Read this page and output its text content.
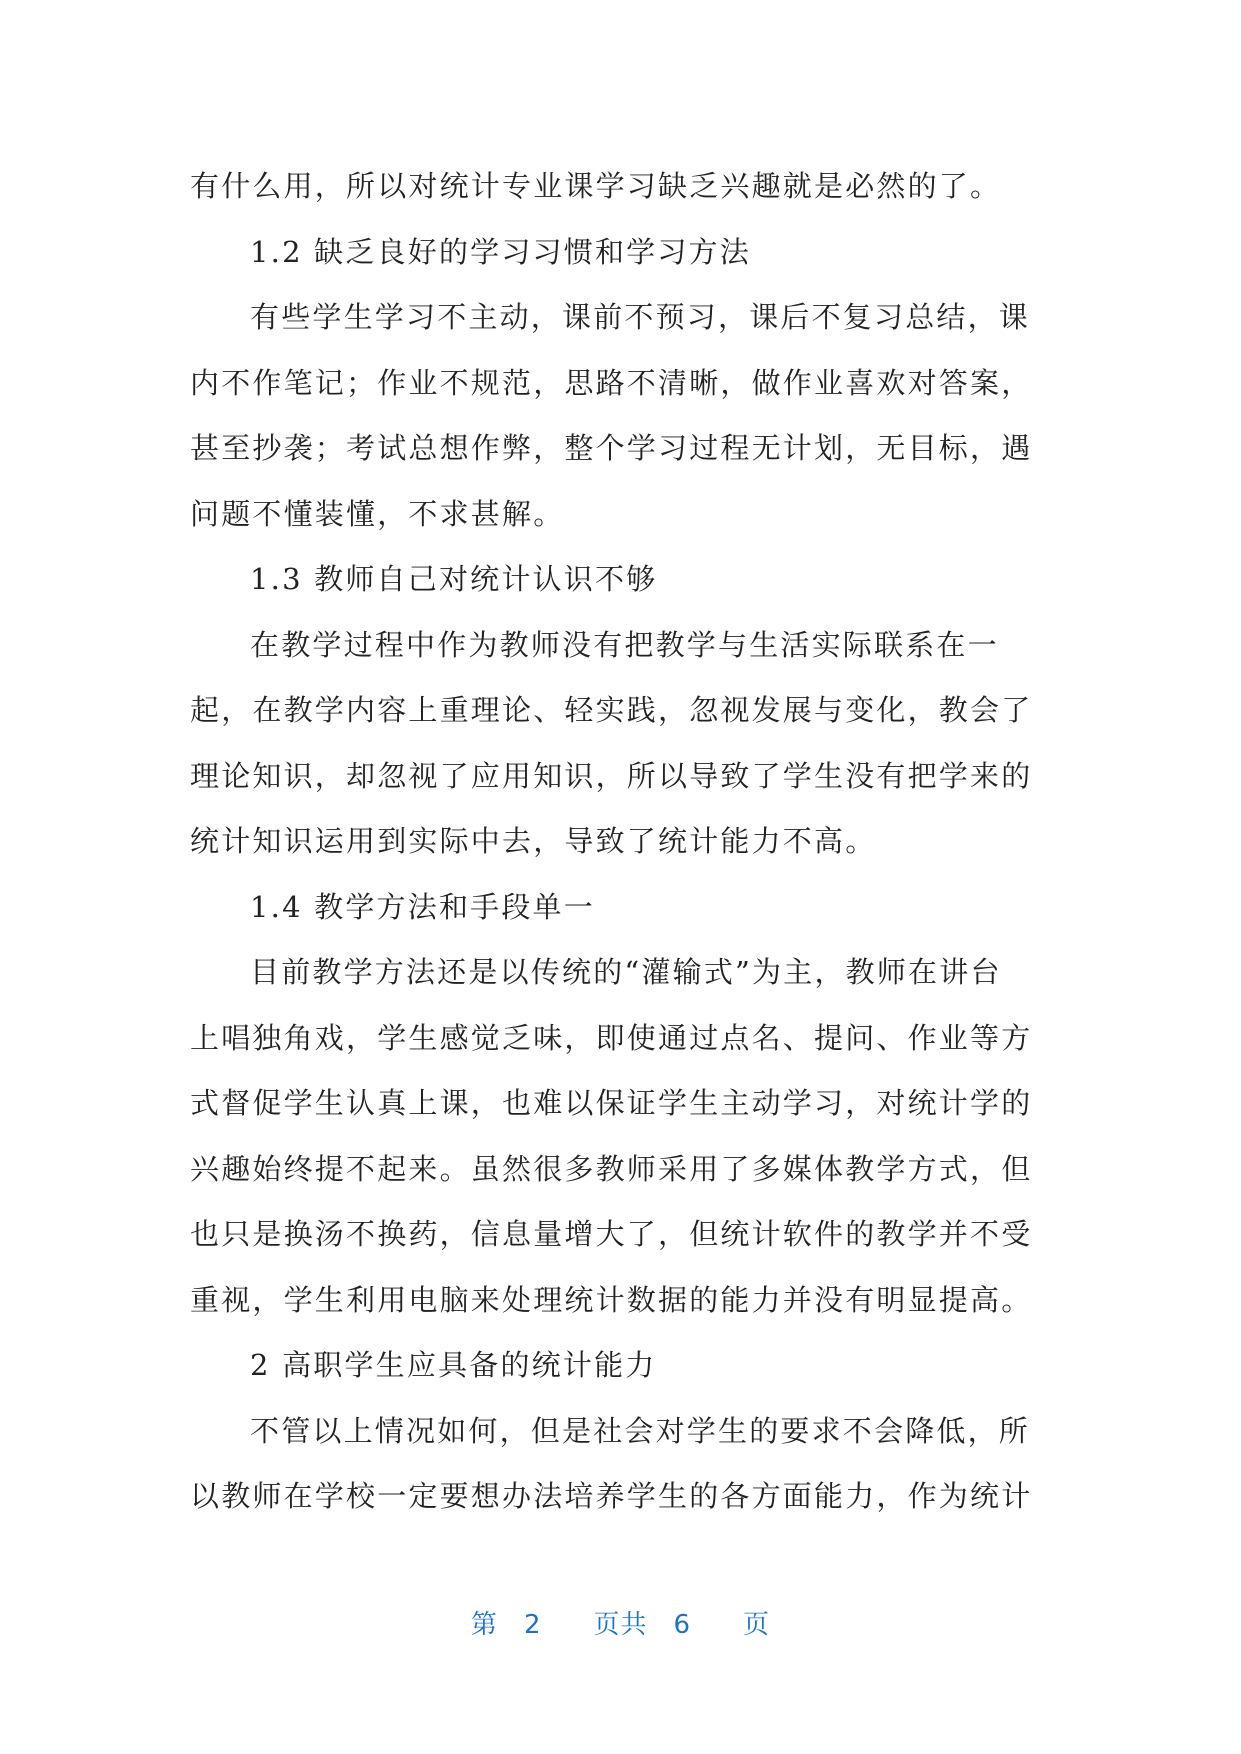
有什么用，所以对统计专业课学习缺乏兴趣就是必然的了。
1.2 缺乏良好的学习习惯和学习方法
有些学生学习不主动，课前不预习，课后不复习总结，课
内不作笔记；作业不规范，思路不清晰，做作业喜欢对答案，
甚至抄袭；考试总想作弊，整个学习过程无计划，无目标，遇
问题不懂装懂，不求甚解。
1.3 教师自己对统计认识不够
在教学过程中作为教师没有把教学与生活实际联系在一
起，在教学内容上重理论、轻实践，忽视发展与变化，教会了
理论知识，却忽视了应用知识，所以导致了学生没有把学来的
统计知识运用到实际中去，导致了统计能力不高。
1.4 教学方法和手段单一
目前教学方法还是以传统的“灌输式”为主，教师在讲台
上唱独角戏，学生感觉乏味，即使通过点名、提问、作业等方
式督促学生认真上课，也难以保证学生主动学习，对统计学的
兴趣始终提不起来。虽然很多教师采用了多媒体教学方式，但
也只是换汤不换药，信息量增大了，但统计软件的教学并不受
重视，学生利用电脑来处理统计数据的能力并没有明显提高。
2 高职学生应具备的统计能力
不管以上情况如何，但是社会对学生的要求不会降低，所
以教师在学校一定要想办法培养学生的各方面能力，作为统计
第 2 页共 6 页
